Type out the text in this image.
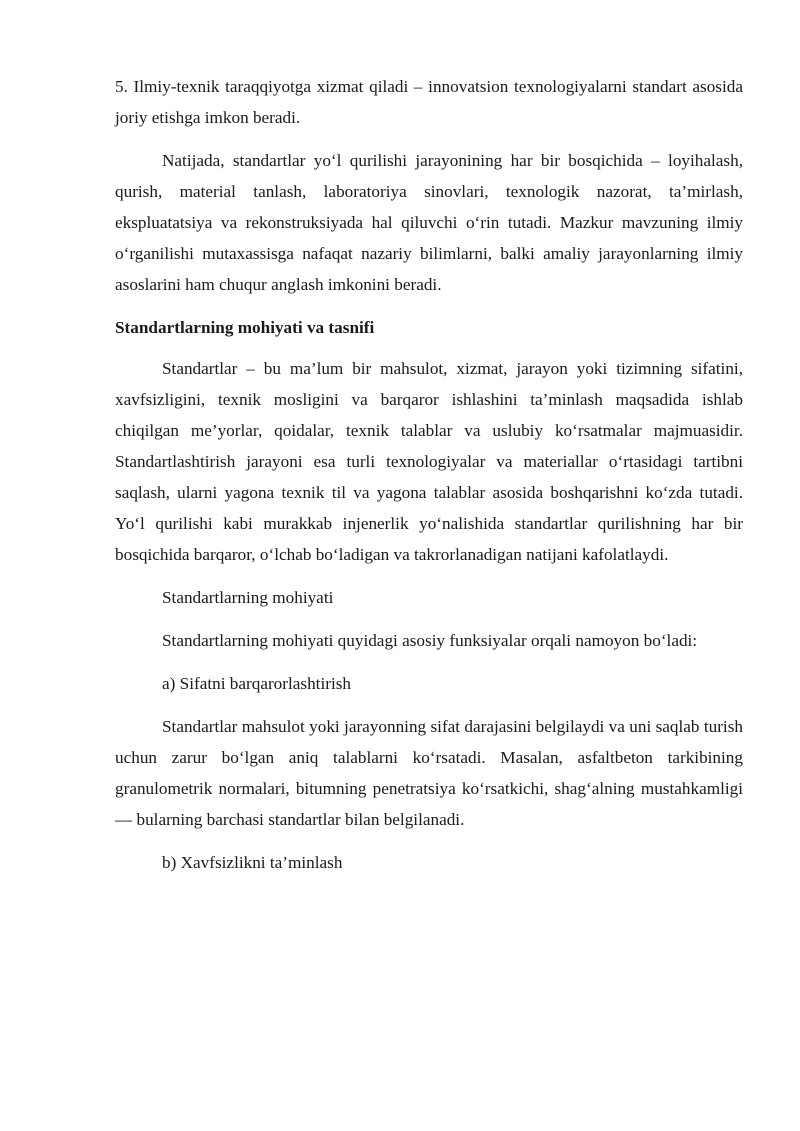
5. Ilmiy-texnik taraqqiyotga xizmat qiladi – innovatsion texnologiyalarni standart asosida joriy etishga imkon beradi.

Natijada, standartlar yo‘l qurilishi jarayonining har bir bosqichida – loyihalash, qurish, material tanlash, laboratoriya sinovlari, texnologik nazorat, ta’mirlash, ekspluatatsiya va rekonstruksiyada hal qiluvchi o‘rin tutadi. Mazkur mavzuning ilmiy o‘rganilishi mutaxassisga nafaqat nazariy bilimlarni, balki amaliy jarayonlarning ilmiy asoslarini ham chuqur anglash imkonini beradi.

Standartlarning mohiyati va tasnifi

Standartlar – bu ma’lum bir mahsulot, xizmat, jarayon yoki tizimning sifatini, xavfsizligini, texnik mosligini va barqaror ishlashini ta’minlash maqsadida ishlab chiqilgan me’yorlar, qoidalar, texnik talablar va uslubiy ko‘rsatmalar majmuasidir. Standartlashtirish jarayoni esa turli texnologiyalar va materiallar o‘rtasidagi tartibni saqlash, ularni yagona texnik til va yagona talablar asosida boshqarishni ko‘zda tutadi. Yo‘l qurilishi kabi murakkab injenerlik yo‘nalishida standartlar qurilishning har bir bosqichida barqaror, o‘lchab bo‘ladigan va takrorlanadigan natijani kafolatlaydi.

Standartlarning mohiyati

Standartlarning mohiyati quyidagi asosiy funksiyalar orqali namoyon bo‘ladi:

a) Sifatni barqarorlashtirish

Standartlar mahsulot yoki jarayonning sifat darajasini belgilaydi va uni saqlab turish uchun zarur bo‘lgan aniq talablarni ko‘rsatadi. Masalan, asfaltbeton tarkibining granulometrik normalari, bitumning penetratsiya ko‘rsatkichi, shag‘alning mustahkamligi — bularning barchasi standartlar bilan belgilanadi.

b) Xavfsizlikni ta’minlash
